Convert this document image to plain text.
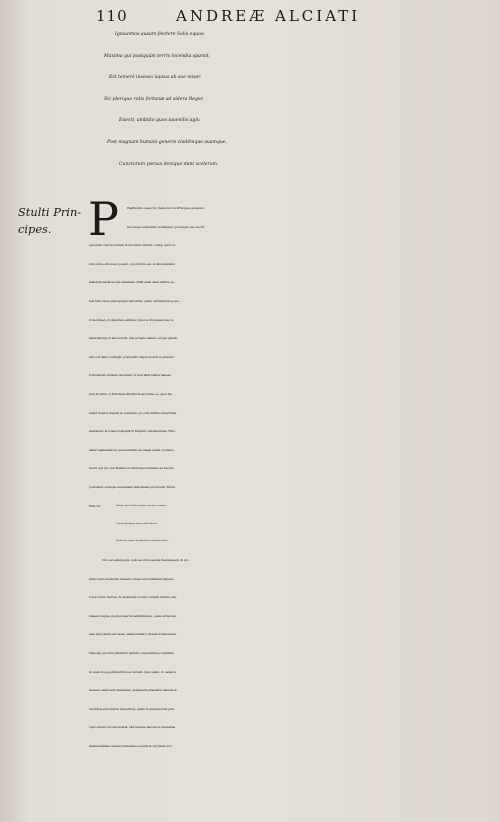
110	ANDREÆ ALCIATI

Igniuomos ausum flectere Solis equos:

Maxima qui postquàm terris incendia sparsit,

Est temerè insesso lapsus ab axe miser.

Sic plerique rotis fortunæ ad sidera Reges

Euecti, ambitio quos iuuenilis agit:

Post magnam humani generis cladémque suamque,

Cunctorum pœnas denique dant scelerum.

Stulti Prin-
cipes. P	Haëthontis casus hîc traducitur in Principes quosdam

Ducesque iuueniliter exultantes, qui magno suo suorũ-

que malo cuncta sursum & deorsum vertunt: cumq́; quod vo-

lunt omne sibi licere putent, non mirum est, si intolerabilem

malorum lernã secum aduehant. Nihil enim aliud afferre po-

test tam cæca præcepsque temeritas, quàm certissimum popu-

li discrimen, & interdum exitium. Quòd si illi quandoque re-

sipiscant (quod ferè non fit, nisi accepto damno, eóque grauis-

simo) id sanè contingit, postquàm vulgus decidit in grauem

fortunarum omnium iacturam, vt spei nihil reliqui habeat:

ferè fit enim, vt Principes illi fatui & excordes, eo quod ha-

beant in alios imperij ac potentiæ, pro sua libidine miserrimè

abutantur, & quasi prodigant in Reipubl. detrimentum. Vitio-

datur Agamemnoni, quod ambitiosus magis quàm cordatus

fuerit, qui pro vna Helena tot tantósque homines ad necem

postularit, suósque ad eandem belli aleam prouocarit. Rectè

Flaccus:	Fabula quæ Paridis propter narratur amorem

Græcia Barbariæ lento collisa duello,

Stultorum regum & populorum continet æstus.

Non est ambiguum, quin securius æuum traduxissent, & glo-

riam credo meliorem fuissent consecuti nobilissimi Impera-

tores Cyrus, Xerxes, & Alexander, si suis contenti finibus, ma-

luissent regna propria tutari & administrare, quàm armorum

alea plus quàm par esset, alienis inhiare. Itidem & innumera-

biles alij, quorum efferatior ambitio, regnandique cupiditas,

& suum & populi interitum accersiuit. Quid enim, vt cæteros

taceam, aliud fecit Alexander, quanquam præclaris naturæ &

doctrinæ subornatus muneribus, quàm vt grassatorum prin-

ceps orbem circuncursaret, sibi suisque labores & molestias

innumerabiles crearet, nullumque quietis & otij finem pro-
